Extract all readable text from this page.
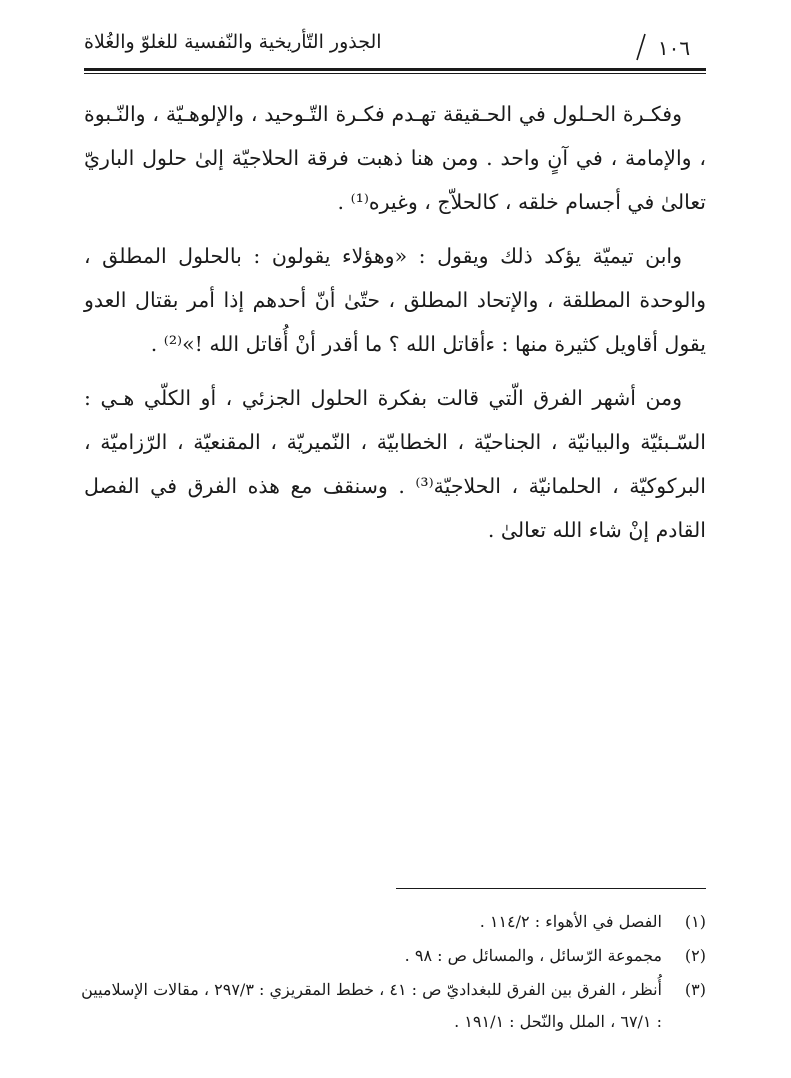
الجذور التّأريخية والنّفسية للغلوّ والغُلاة	١٠٦

وفكـرة الحـلول في الحـقيقة تهـدم فكـرة التّـوحيد ، والإلوهـيّة ، والنّـبوة ، والإمامة ، في آنٍ واحد . ومن هنا ذهبت فرقة الحلاجيّة إلىٰ حلول الباريّ تعالىٰ في أجسام خلقه ، كالحلاّج ، وغيره⁽¹⁾ .

وابن تيميّة يؤكد ذلك ويقول : «وهؤلاء يقولون : بالحلول المطلق ، والوحدة المطلقة ، والإتحاد المطلق ، حتّىٰ أنّ أحدهم إذا أمر بقتال العدو يقول أقاويل كثيرة منها : ءأقاتل الله ؟ ما أقدر أنْ أُقاتل الله !»⁽²⁾ .

ومن أشهر الفرق الّتي قالت بفكرة الحلول الجزئي ، أو الكلّي هـي : السّـبئيّة والبيانيّة ، الجناحيّة ، الخطابيّة ، النّميريّة ، المقنعيّة ، الرّزاميّة ، البركوكيّة ، الحلمانيّة ، الحلاجيّة⁽³⁾ . وسنقف مع هذه الفرق في الفصل القادم إنْ شاء الله تعالىٰ .

(١)
الفصل في الأهواء : ١١٤/٢ .
(٢)
مجموعة الرّسائل ، والمسائل ص : ٩٨ .
(٣)
أُنظر ، الفرق بين الفرق للبغداديّ ص : ٤١ ، خطط المقريزي : ٢٩٧/٣ ، مقالات الإسلاميين : ٦٧/١ ، الملل والنّحل : ١٩١/١ .
